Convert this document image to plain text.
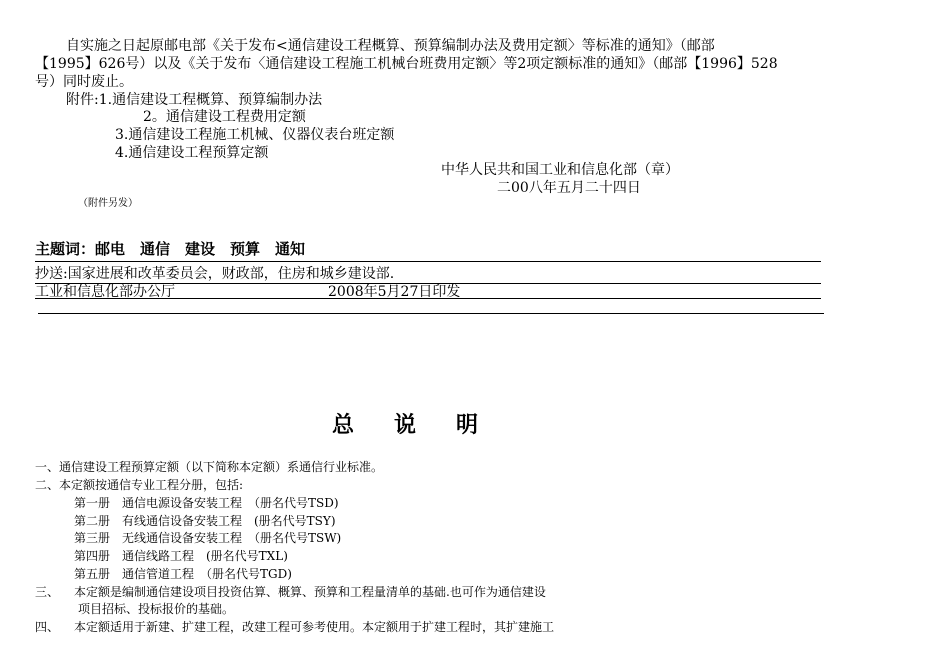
自实施之日起原邮电部《关于发布<通信建设工程概算、预算编制办法及费用定额〉等标准的通知》（邮部
【1995】626号）以及《关于发布〈通信建设工程施工机械台班费用定额〉等2项定额标准的通知》（邮部【1996】528
号）同时废止。
附件:1.通信建设工程概算、预算编制办法
2。通信建设工程费用定额
3.通信建设工程施工机械、仪器仪表台班定额
4.通信建设工程预算定额
中华人民共和国工业和信息化部（章）
二00八年五月二十四日
（附件另发）
主题词：邮电　通信　建设　预算　通知
抄送:国家进展和改革委员会，财政部，住房和城乡建设部.
工业和信息化部办公厅	2008年5月27日印发
总说明
一、通信建设工程预算定额（以下简称本定额）系通信行业标准。
二、本定额按通信专业工程分册，包括:
第一册　通信电源设备安装工程　（册名代号TSD)
第二册　有线通信设备安装工程　(册名代号TSY)
第三册　无线通信设备安装工程　（册名代号TSW)
第四册　通信线路工程　(册名代号TXL)
第五册　通信管道工程　（册名代号TGD)
三、 本定额是编制通信建设项目投资估算、概算、预算和工程量清单的基础.也可作为通信建设
项目招标、投标报价的基础。
四、 本定额适用于新建、扩建工程，改建工程可参考使用。本定额用于扩建工程时，其扩建施工
